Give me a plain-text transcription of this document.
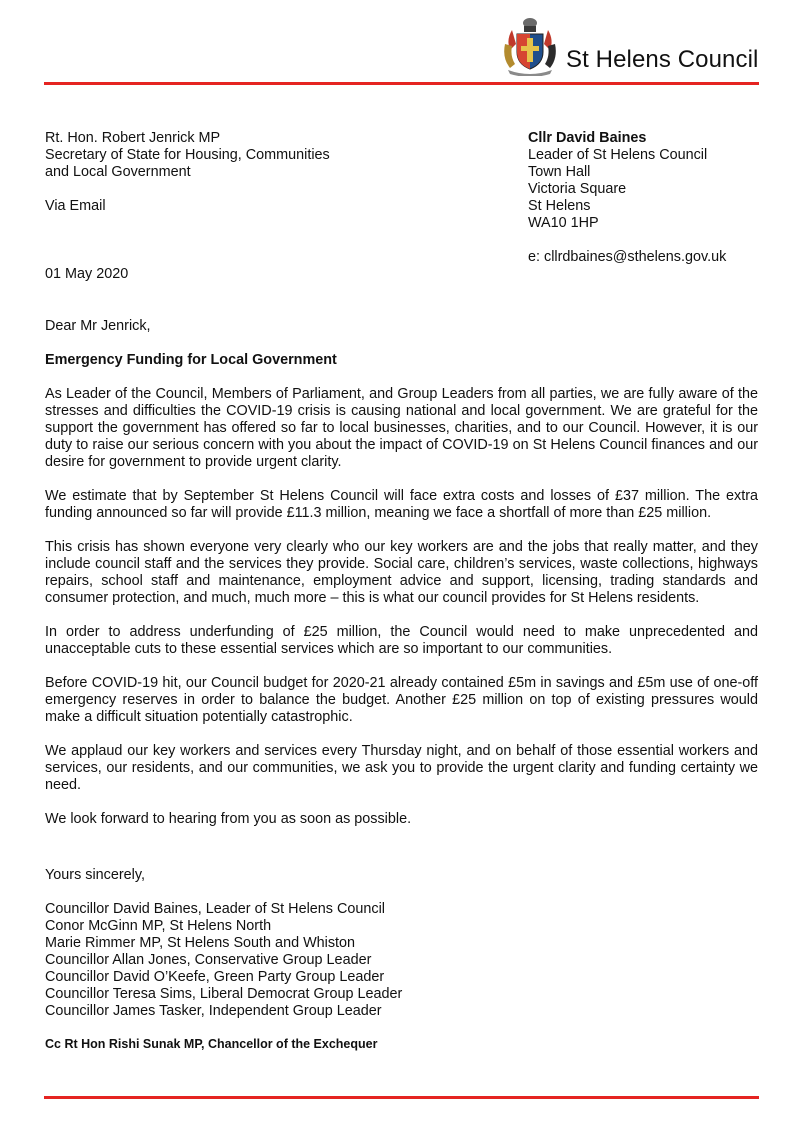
St Helens Council
Rt. Hon. Robert Jenrick MP
Secretary of State for Housing, Communities
and Local Government
Via Email
Cllr David Baines
Leader of St Helens Council
Town Hall
Victoria Square
St Helens
WA10 1HP
e: cllrdbaines@sthelens.gov.uk
01 May 2020
Dear Mr Jenrick,
Emergency Funding for Local Government

As Leader of the Council, Members of Parliament, and Group Leaders from all parties, we are fully aware of the stresses and difficulties the COVID-19 crisis is causing national and local government. We are grateful for the support the government has offered so far to local businesses, charities, and to our Council. However, it is our duty to raise our serious concern with you about the impact of COVID-19 on St Helens Council finances and our desire for government to provide urgent clarity.

We estimate that by September St Helens Council will face extra costs and losses of £37 million. The extra funding announced so far will provide £11.3 million, meaning we face a shortfall of more than £25 million.

This crisis has shown everyone very clearly who our key workers are and the jobs that really matter, and they include council staff and the services they provide. Social care, children’s services, waste collections, highways repairs, school staff and maintenance, employment advice and support, licensing, trading standards and consumer protection, and much, much more – this is what our council provides for St Helens residents.

In order to address underfunding of £25 million, the Council would need to make unprecedented and unacceptable cuts to these essential services which are so important to our communities.

Before COVID-19 hit, our Council budget for 2020-21 already contained £5m in savings and £5m use of one-off emergency reserves in order to balance the budget. Another £25 million on top of existing pressures would make a difficult situation potentially catastrophic.

We applaud our key workers and services every Thursday night, and on behalf of those essential workers and services, our residents, and our communities, we ask you to provide the urgent clarity and funding certainty we need.

We look forward to hearing from you as soon as possible.

Yours sincerely,
Councillor David Baines, Leader of St Helens Council
Conor McGinn MP, St Helens North
Marie Rimmer MP, St Helens South and Whiston
Councillor Allan Jones, Conservative Group Leader
Councillor David O’Keefe, Green Party Group Leader
Councillor Teresa Sims, Liberal Democrat Group Leader
Councillor James Tasker, Independent Group Leader
Cc Rt Hon Rishi Sunak MP, Chancellor of the Exchequer
